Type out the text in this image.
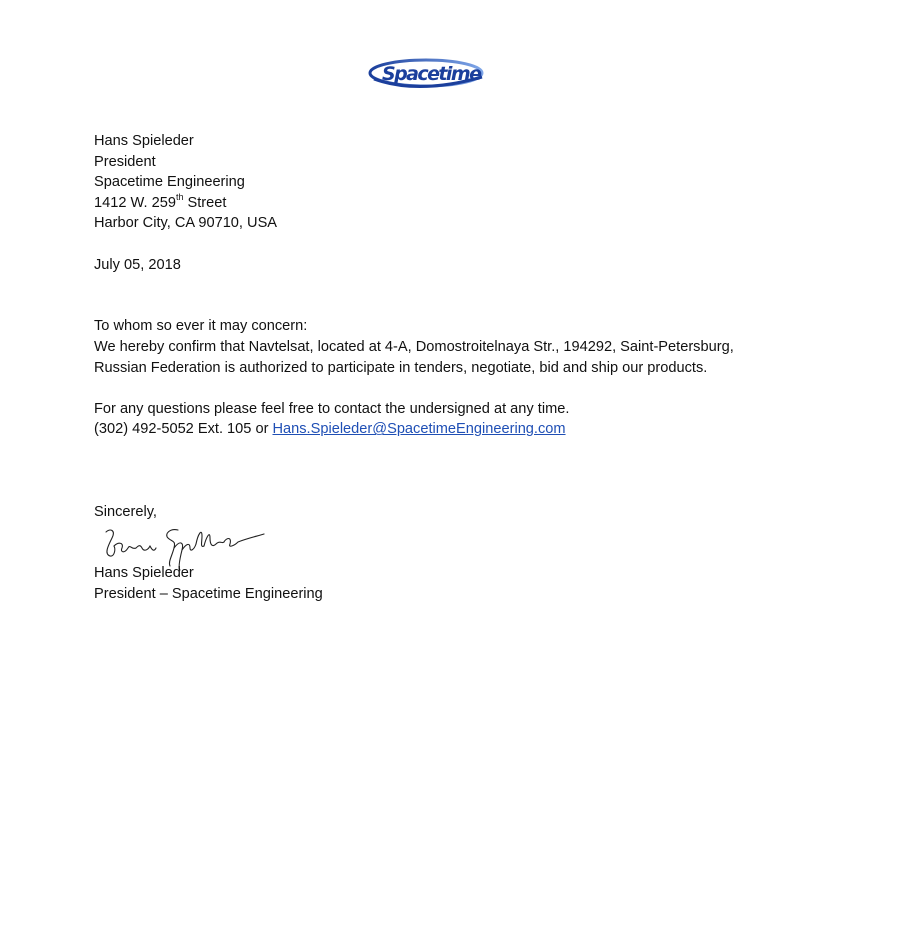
Spacetime
Hans Spieleder
President
Spacetime Engineering
1412 W. 259th Street
Harbor City, CA 90710, USA
July 05, 2018
To whom so ever it may concern:
We hereby confirm that Navtelsat, located at 4-A, Domostroitelnaya Str., 194292, Saint-Petersburg,
Russian Federation is authorized to participate in tenders, negotiate, bid and ship our products.
For any questions please feel free to contact the undersigned at any time.
(302) 492-5052 Ext. 105 or Hans.Spieleder@SpacetimeEngineering.com
Sincerely,
Hans Spieleder
President – Spacetime Engineering
